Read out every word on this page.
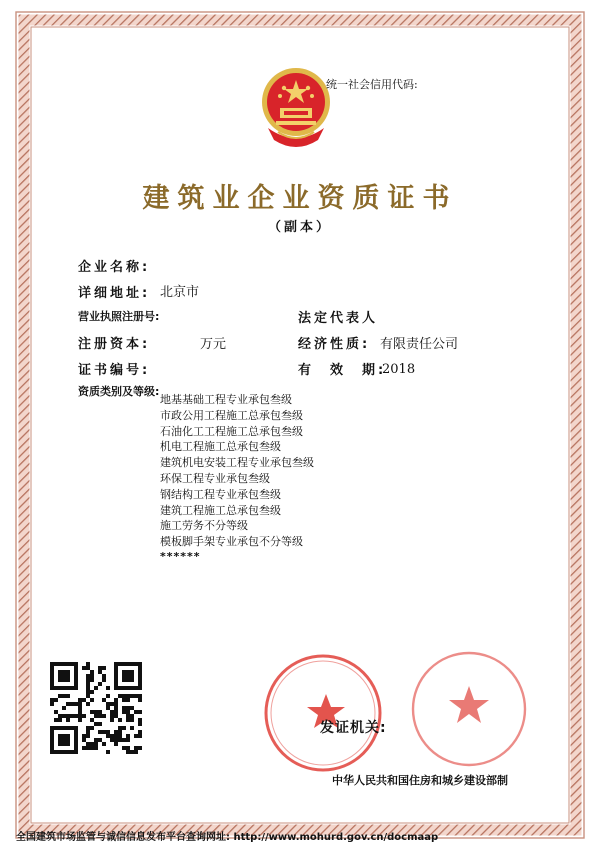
统一社会信用代码:
建筑业企业资质证书
（副本）
企业名称:
详细地址: 北京市
营业执照注册号:	法定代表人
注册资本:	万元	经济性质: 有限责任公司
证书编号:	有　效　期:
2018
资质类别及等级:
地基基础工程专业承包叁级
市政公用工程施工总承包叁级
石油化工工程施工总承包叁级
机电工程施工总承包叁级
建筑机电安装工程专业承包叁级
环保工程专业承包叁级
钢结构工程专业承包叁级
建筑工程施工总承包叁级
施工劳务不分等级
模板脚手架专业承包不分等级
******
发证机关:
中华人民共和国住房和城乡建设部制
全国建筑市场监管与诚信信息发布平台查询网址: http://www.mohurd.gov.cn/docmaap
